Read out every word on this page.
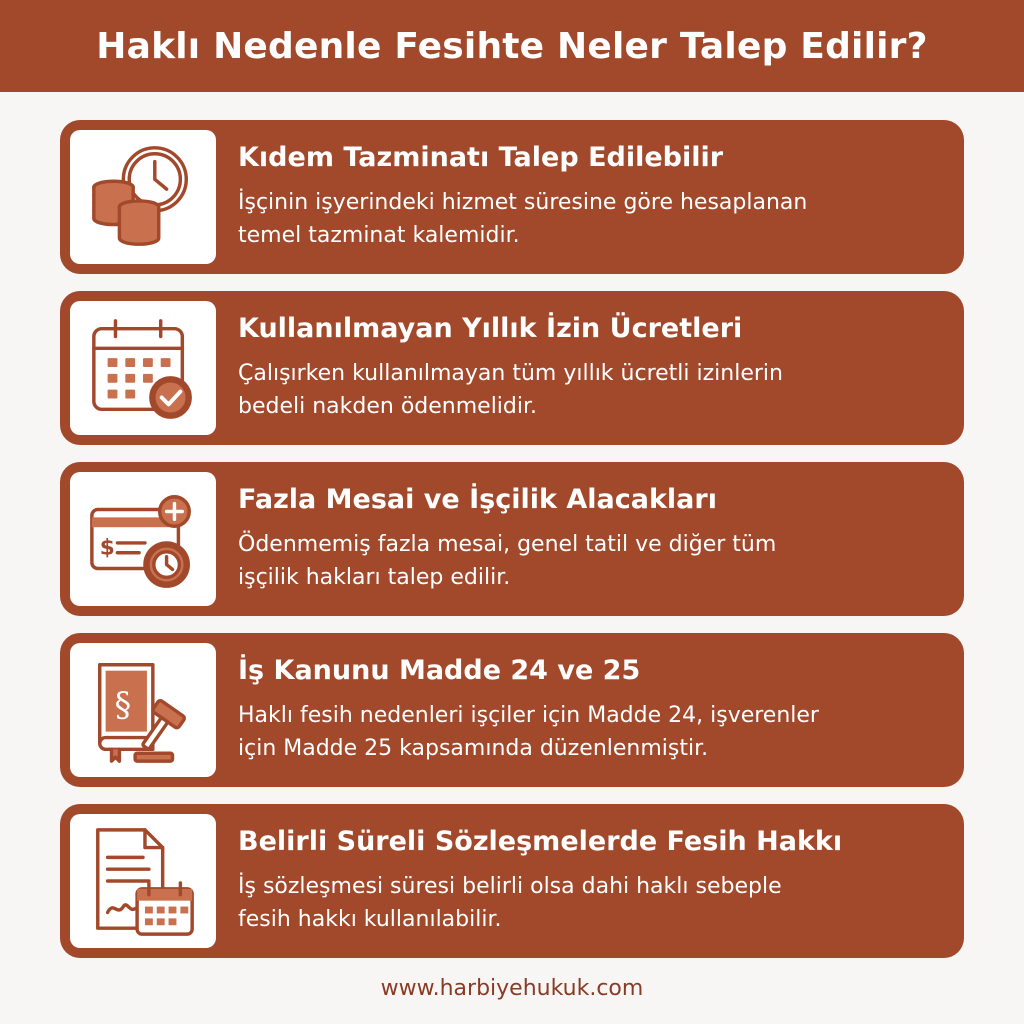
Haklı Nedenle Fesihte Neler Talep Edilir?
Kıdem Tazminatı Talep Edilebilir
İşçinin işyerindeki hizmet süresine göre hesaplanan
temel tazminat kalemidir.
Kullanılmayan Yıllık İzin Ücretleri
Çalışırken kullanılmayan tüm yıllık ücretli izinlerin
bedeli nakden ödenmelidir.
$
Fazla Mesai ve İşçilik Alacakları
Ödenmemiş fazla mesai, genel tatil ve diğer tüm
işçilik hakları talep edilir.
§
İş Kanunu Madde 24 ve 25
Haklı fesih nedenleri işçiler için Madde 24, işverenler
için Madde 25 kapsamında düzenlenmiştir.
Belirli Süreli Sözleşmelerde Fesih Hakkı
İş sözleşmesi süresi belirli olsa dahi haklı sebeple
fesih hakkı kullanılabilir.
www.harbiyehukuk.com
